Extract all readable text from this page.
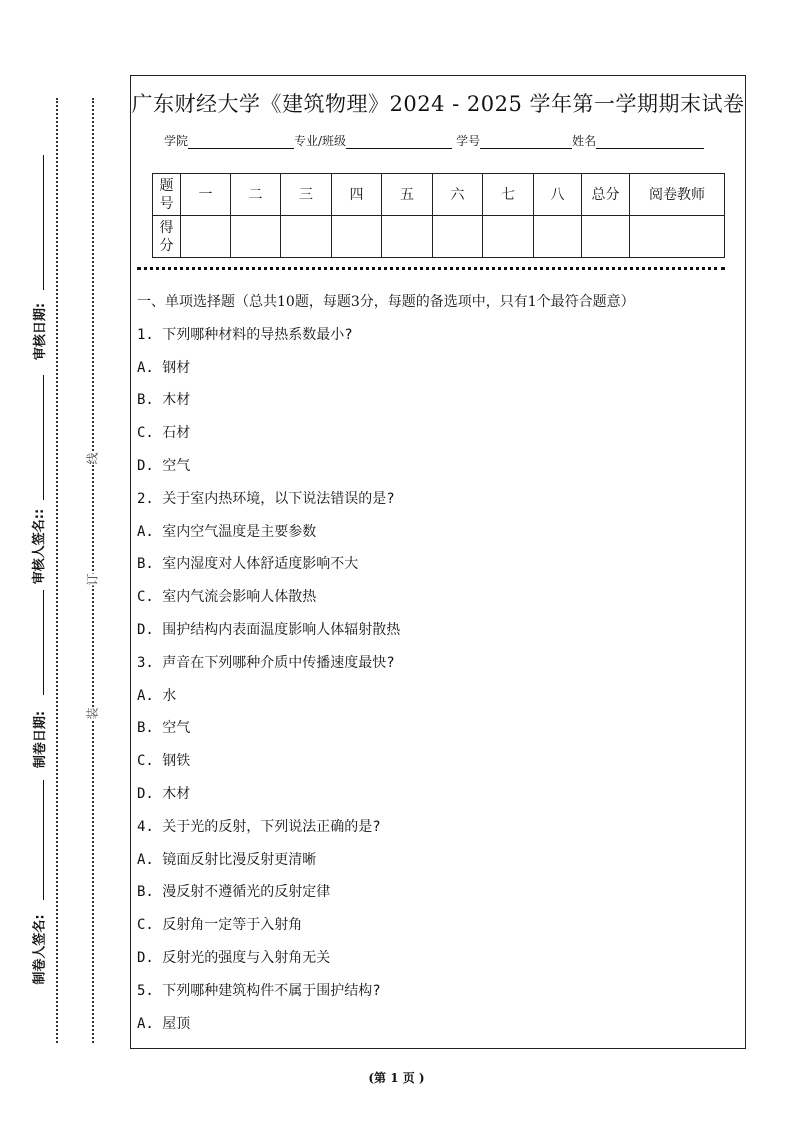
审核日期:
审核人签名::
制卷日期:
制卷人签名:
线
订
装
广东财经大学《建筑物理》2024 - 2025 学年第一学期期末试卷
学院	专业/班级	学号	姓名
题号	一	二	三	四	五	六	七	八	总分	阅卷教师
得分										
一、单项选择题（总共10题，每题3分，每题的备选项中，只有1个最符合题意）
1. 下列哪种材料的导热系数最小?
A. 钢材
B. 木材
C. 石材
D. 空气
2. 关于室内热环境，以下说法错误的是?
A. 室内空气温度是主要参数
B. 室内湿度对人体舒适度影响不大
C. 室内气流会影响人体散热
D. 围护结构内表面温度影响人体辐射散热
3. 声音在下列哪种介质中传播速度最快?
A. 水
B. 空气
C. 钢铁
D. 木材
4. 关于光的反射，下列说法正确的是?
A. 镜面反射比漫反射更清晰
B. 漫反射不遵循光的反射定律
C. 反射角一定等于入射角
D. 反射光的强度与入射角无关
5. 下列哪种建筑构件不属于围护结构?
A. 屋顶
(第 1 页 )
